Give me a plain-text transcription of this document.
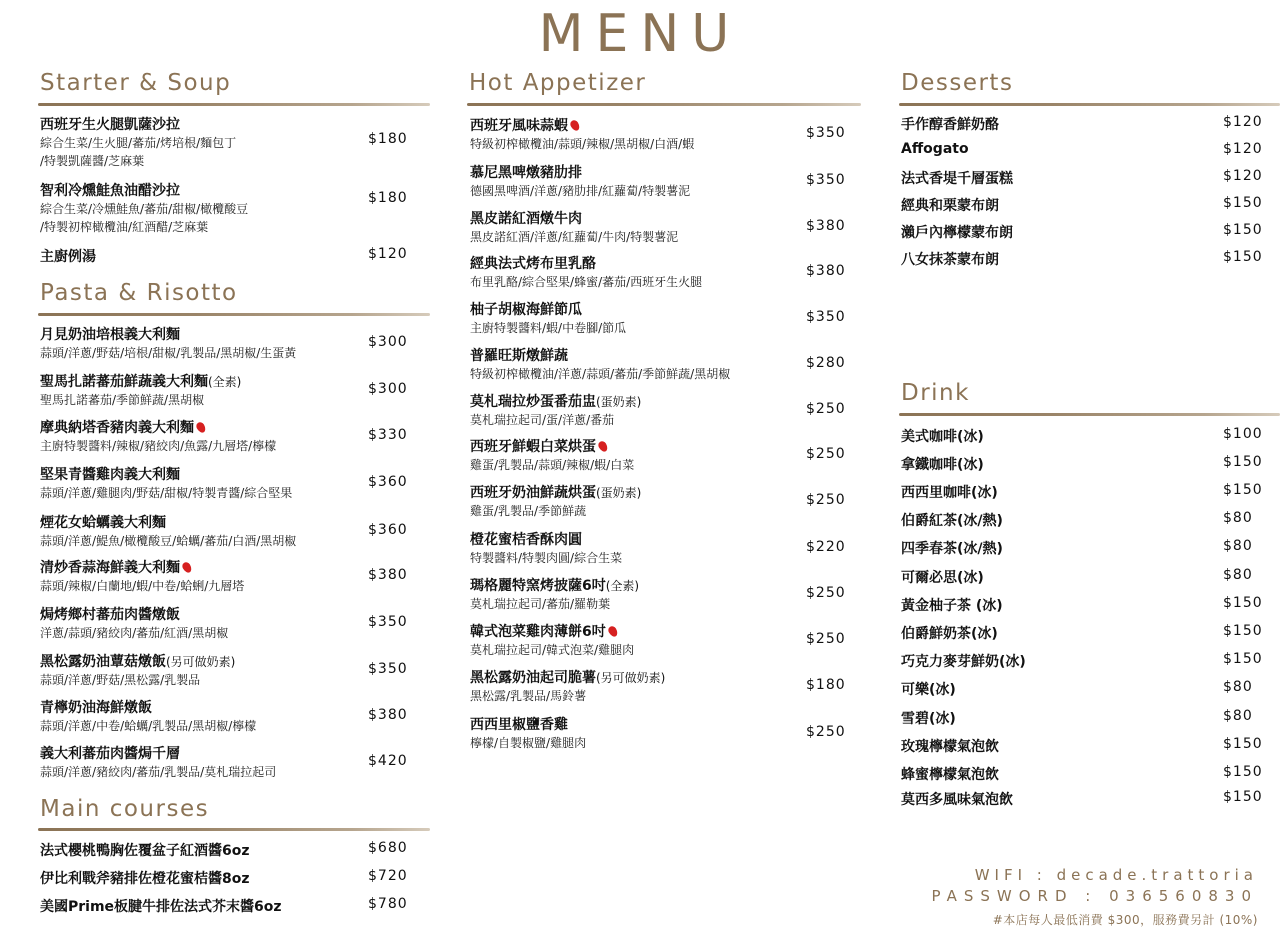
MENU
Starter & Soup
西班牙生火腿凱薩沙拉
綜合生菜/生火腿/蕃茄/烤培根/麵包丁
/特製凱薩醬/芝麻葉
$180
智利冷燻鮭魚油醋沙拉
綜合生菜/冷燻鮭魚/蕃茄/甜椒/橄欖酸豆
/特製初榨橄欖油/紅酒醋/芝麻葉
$180
主廚例湯	$120
Pasta & Risotto
月見奶油培根義大利麵
蒜頭/洋蔥/野菇/培根/甜椒/乳製品/黑胡椒/生蛋黃
$300
聖馬扎諾蕃茄鮮蔬義大利麵(全素)
聖馬扎諾蕃茄/季節鮮蔬/黑胡椒
$300
摩典納塔香豬肉義大利麵
主廚特製醬料/辣椒/豬絞肉/魚露/九層塔/檸檬
$330
堅果青醬雞肉義大利麵
蒜頭/洋蔥/雞腿肉/野菇/甜椒/特製青醬/綜合堅果
$360
煙花女蛤蠣義大利麵
蒜頭/洋蔥/鯷魚/橄欖酸豆/蛤蠣/蕃茄/白酒/黑胡椒
$360
清炒香蒜海鮮義大利麵
蒜頭/辣椒/白蘭地/蝦/中卷/蛤蜊/九層塔
$380
焗烤鄉村蕃茄肉醬燉飯
洋蔥/蒜頭/豬絞肉/蕃茄/紅酒/黑胡椒
$350
黑松露奶油蕈菇燉飯(另可做奶素)
蒜頭/洋蔥/野菇/黑松露/乳製品
$350
青檸奶油海鮮燉飯
蒜頭/洋蔥/中卷/蛤蠣/乳製品/黑胡椒/檸檬
$380
義大利蕃茄肉醬焗千層
蒜頭/洋蔥/豬絞肉/蕃茄/乳製品/莫札瑞拉起司
$420
Main courses
法式櫻桃鴨胸佐覆盆子紅酒醬6oz	$680
伊比利戰斧豬排佐橙花蜜桔醬8oz	$720
美國Prime板腱牛排佐法式芥末醬6oz	$780
Hot Appetizer
西班牙風味蒜蝦
特級初榨橄欖油/蒜頭/辣椒/黑胡椒/白酒/蝦
$350
慕尼黑啤燉豬肋排
德國黑啤酒/洋蔥/豬肋排/紅蘿蔔/特製薯泥
$350
黑皮諾紅酒燉牛肉
黑皮諾紅酒/洋蔥/紅蘿蔔/牛肉/特製薯泥
$380
經典法式烤布里乳酪
布里乳酪/綜合堅果/蜂蜜/蕃茄/西班牙生火腿
$380
柚子胡椒海鮮節瓜
主廚特製醬料/蝦/中卷腳/節瓜
$350
普羅旺斯燉鮮蔬
特級初榨橄欖油/洋蔥/蒜頭/蕃茄/季節鮮蔬/黑胡椒
$280
莫札瑞拉炒蛋番茄盅(蛋奶素)
莫札瑞拉起司/蛋/洋蔥/番茄
$250
西班牙鮮蝦白菜烘蛋
雞蛋/乳製品/蒜頭/辣椒/蝦/白菜
$250
西班牙奶油鮮蔬烘蛋(蛋奶素)
雞蛋/乳製品/季節鮮蔬
$250
橙花蜜桔香酥肉圓
特製醬料/特製肉圓/綜合生菜
$220
瑪格麗特窯烤披薩6吋(全素)
莫札瑞拉起司/蕃茄/羅勒葉
$250
韓式泡菜雞肉薄餅6吋
莫札瑞拉起司/韓式泡菜/雞腿肉
$250
黑松露奶油起司脆薯(另可做奶素)
黑松露/乳製品/馬鈴薯
$180
西西里椒鹽香雞
檸檬/自製椒鹽/雞腿肉
$250
Desserts
手作醇香鮮奶酪	$120
Affogato	$120
法式香堤千層蛋糕	$120
經典和栗蒙布朗	$150
瀨戶內檸檬蒙布朗	$150
八女抹茶蒙布朗	$150
Drink
美式咖啡(冰)	$100
拿鐵咖啡(冰)	$150
西西里咖啡(冰)	$150
伯爵紅茶(冰/熱)	$80
四季春茶(冰/熱)	$80
可爾必思(冰)	$80
黃金柚子茶 (冰)	$150
伯爵鮮奶茶(冰)	$150
巧克力麥芽鮮奶(冰)	$150
可樂(冰)	$80
雪碧(冰)	$80
玫瑰檸檬氣泡飲	$150
蜂蜜檸檬氣泡飲	$150
莫西多風味氣泡飲	$150
WIFI : decade.trattoria
PASSWORD : 036560830
#本店每人最低消費 $300，服務費另計 (10%)
